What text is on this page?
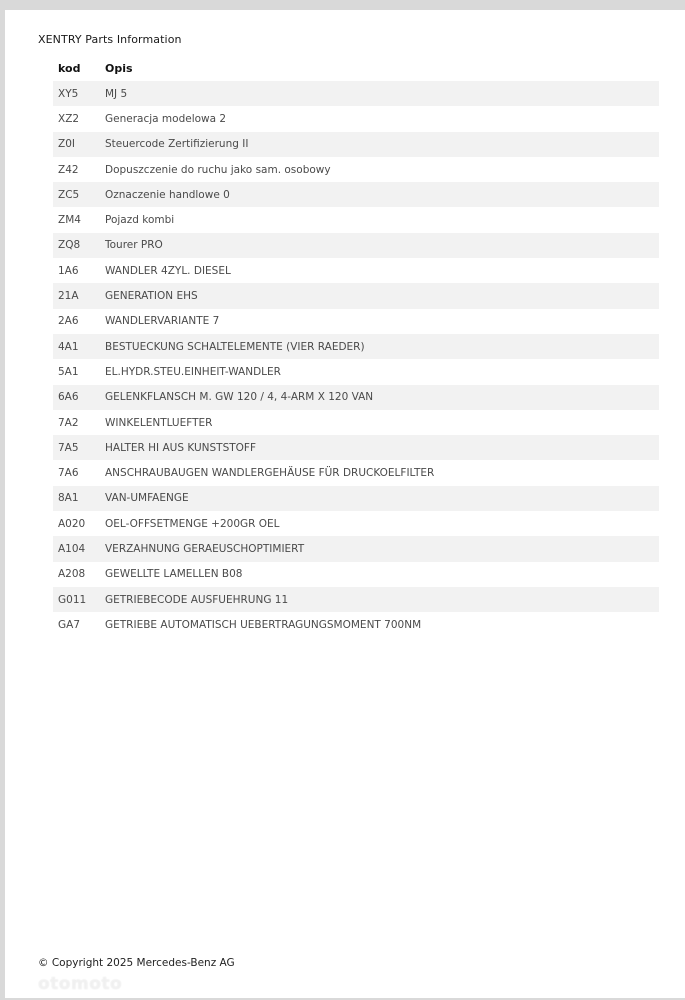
XENTRY Parts Information
kod	Opis
XY5	MJ 5
XZ2	Generacja modelowa 2
Z0I	Steuercode Zertifizierung II
Z42	Dopuszczenie do ruchu jako sam. osobowy
ZC5	Oznaczenie handlowe 0
ZM4	Pojazd kombi
ZQ8	Tourer PRO
1A6	WANDLER 4ZYL. DIESEL
21A	GENERATION EHS
2A6	WANDLERVARIANTE 7
4A1	BESTUECKUNG SCHALTELEMENTE (VIER RAEDER)
5A1	EL.HYDR.STEU.EINHEIT-WANDLER
6A6	GELENKFLANSCH M. GW 120 / 4, 4-ARM X 120 VAN
7A2	WINKELENTLUEFTER
7A5	HALTER HI AUS KUNSTSTOFF
7A6	ANSCHRAUBAUGEN WANDLERGEHÄUSE FÜR DRUCKOELFILTER
8A1	VAN-UMFAENGE
A020	OEL-OFFSETMENGE +200GR OEL
A104	VERZAHNUNG GERAEUSCHOPTIMIERT
A208	GEWELLTE LAMELLEN B08
G011	GETRIEBECODE AUSFUEHRUNG 11
GA7	GETRIEBE AUTOMATISCH UEBERTRAGUNGSMOMENT 700NM
© Copyright 2025 Mercedes-Benz AG
otomoto
